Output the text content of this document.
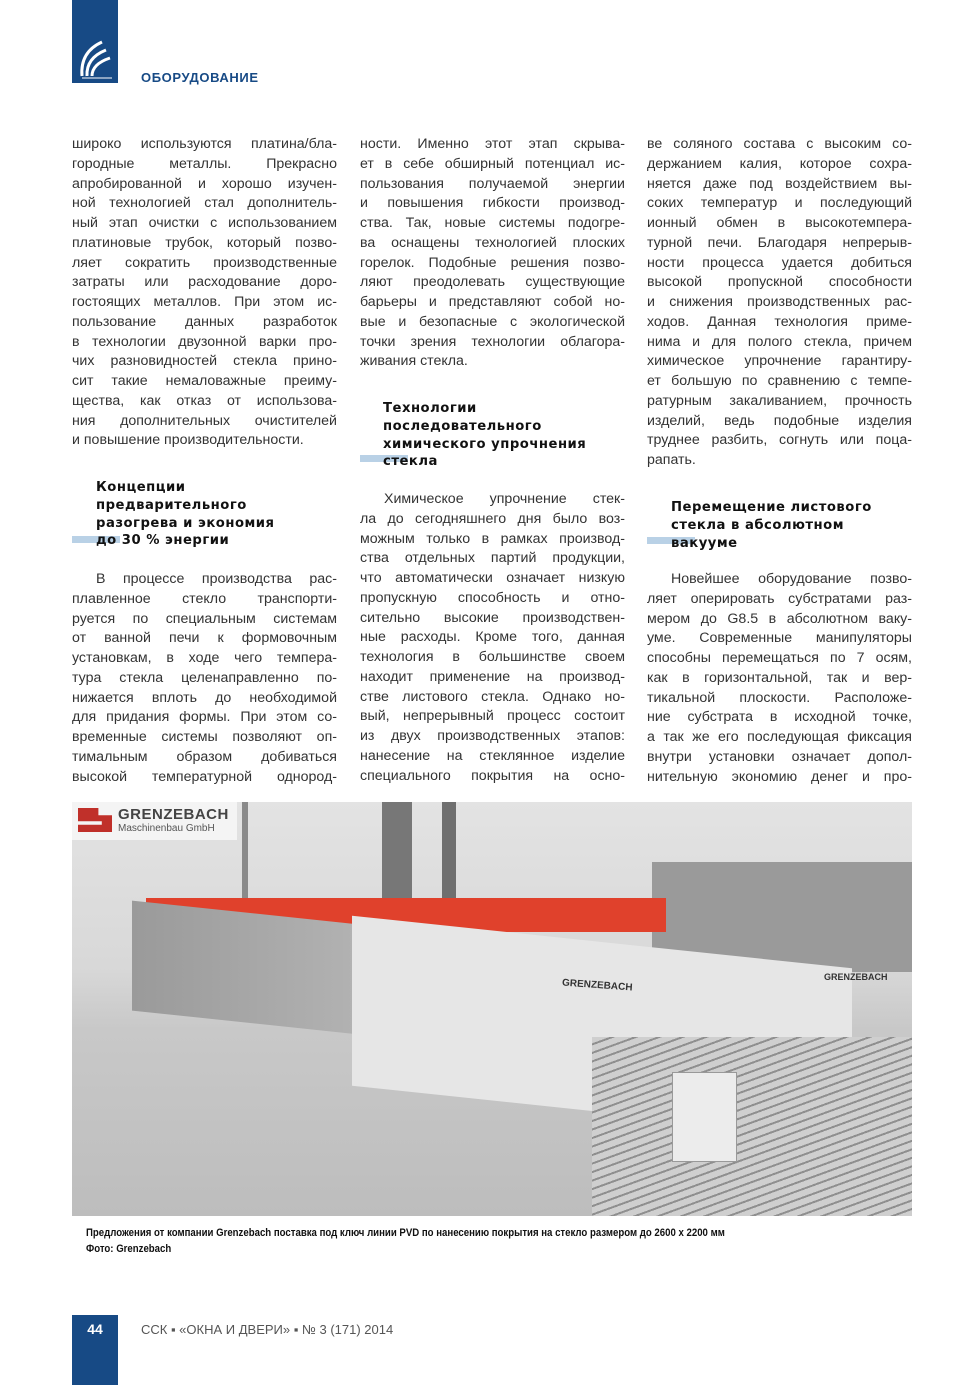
ОБОРУДОВАНИЕ
широко используются платина/бла-
городные металлы. Прекрасно
апробированной и хорошо изучен-
ной технологией стал дополнитель-
ный этап очистки с использованием
платиновые трубок, который позво-
ляет сократить производственные
затраты или расходование доро-
гостоящих металлов. При этом ис-
пользование данных разработок
в технологии двузонной варки про-
чих разновидностей стекла прино-
сит такие немаловажные преиму-
щества, как отказ от использова-
ния дополнительных очистителей
и повышение производительности.
Концепции
предварительного
разогрева и экономия
до 30 % энергии
В процессе производства рас-
плавленное стекло транспорти-
руется по специальным системам
от ванной печи к формовочным
установкам, в ходе чего темпера-
тура стекла целенаправленно по-
нижается вплоть до необходимой
для придания формы. При этом со-
временные системы позволяют оп-
тимальным образом добиваться
высокой температурной однород-
ности. Именно этот этап скрыва-
ет в себе обширный потенциал ис-
пользования получаемой энергии
и повышения гибкости производ-
ства. Так, новые системы подогре-
ва оснащены технологией плоских
горелок. Подобные решения позво-
ляют преодолевать существующие
барьеры и представляют собой но-
вые и безопасные с экологической
точки зрения технологии облагора-
живания стекла.
Технологии
последовательного
химического упрочнения
стекла
Химическое упрочнение стек-
ла до сегодняшнего дня было воз-
можным только в рамках производ-
ства отдельных партий продукции,
что автоматически означает низкую
пропускную способность и отно-
сительно высокие производствен-
ные расходы. Кроме того, данная
технология в большинстве своем
находит применение на производ-
стве листового стекла. Однако но-
вый, непрерывный процесс состоит
из двух производственных этапов:
нанесение на стеклянное изделие
специального покрытия на осно-
ве соляного состава с высоким со-
держанием калия, которое сохра-
няется даже под воздействием вы-
соких температур и последующий
ионный обмен в высокотемпера-
турной печи. Благодаря непрерыв-
ности процесса удается добиться
высокой пропускной способности
и снижения производственных рас-
ходов. Данная технология приме-
нима и для полого стекла, причем
химическое упрочнение гарантиру-
ет большую по сравнению с темпе-
ратурным закаливанием, прочность
изделий, ведь подобные изделия
труднее разбить, согнуть или поца-
рапать.
Перемещение листового
стекла в абсолютном
вакууме
Новейшее оборудование позво-
ляет оперировать субстратами раз-
мером до G8.5 в абсолютном ваку-
уме. Современные манипуляторы
способны перемещаться по 7 осям,
как в горизонтальной, так и вер-
тикальной плоскости. Расположе-
ние субстрата в исходной точке,
а так же его последующая фиксация
внутри установки означает допол-
нительную экономию денег и про-
GRENZEBACH
Maschinenbau GmbH
GRENZEBACH
GRENZEBACH
Предложения от компании Grenzebach поставка под ключ линии PVD по нанесению покрытия на стекло размером до 2600 х 2200 мм
Фото: Grenzebach
44	ССК ▪ «ОКНА И ДВЕРИ» ▪ № 3 (171) 2014
